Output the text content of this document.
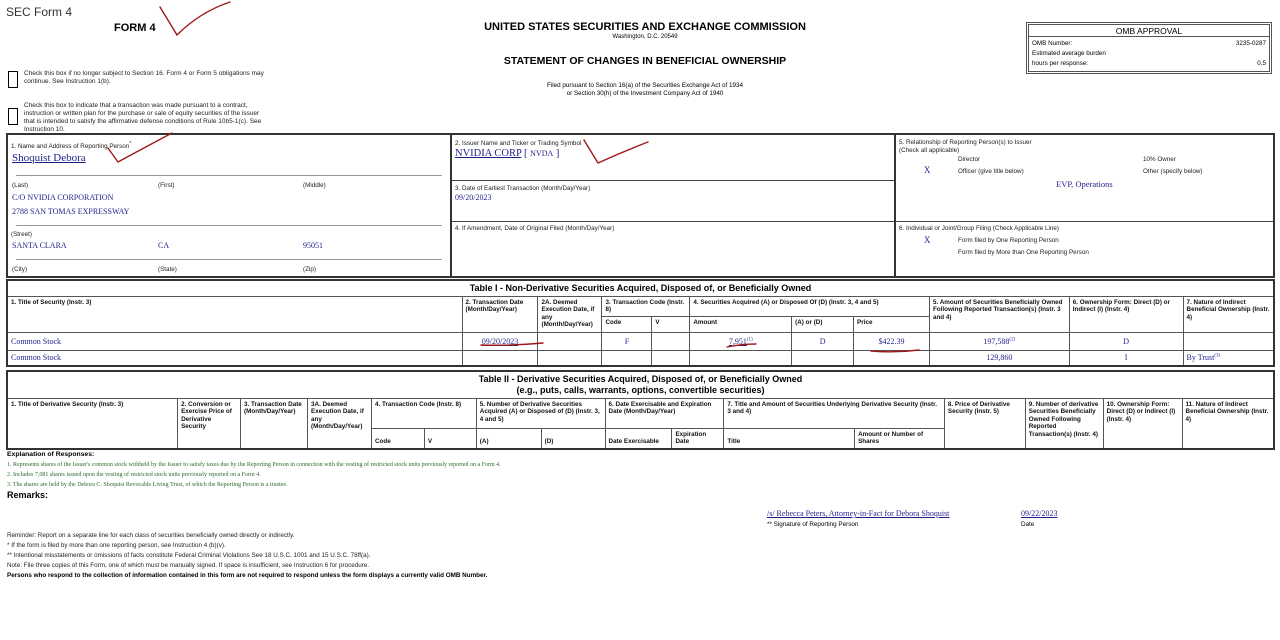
SEC Form 4
FORM 4
Check this box if no longer subject to Section 16. Form 4 or Form 5 obligations may continue. See Instruction 1(b).
Check this box to indicate that a transaction was made pursuant to a contract, instruction or written plan for the purchase or sale of equity securities of the issuer that is intended to satisfy the affirmative defense conditions of Rule 10b5-1(c). See Instruction 10.
UNITED STATES SECURITIES AND EXCHANGE COMMISSION
Washington, D.C. 20549
STATEMENT OF CHANGES IN BENEFICIAL OWNERSHIP
Filed pursuant to Section 16(a) of the Securities Exchange Act of 1934
or Section 30(h) of the Investment Company Act of 1940
OMB APPROVAL
OMB Number:	3235-0287
Estimated average burden
hours per response:	0.5
1. Name and Address of Reporting Person*
Shoquist Debora
(Last)	(First)	(Middle)
C/O NVIDIA CORPORATION
2788 SAN TOMAS EXPRESSWAY
(Street)
SANTA CLARA	CA	95051
(City)	(State)	(Zip)
2. Issuer Name and Ticker or Trading Symbol
NVIDIA CORP [ NVDA ]
3. Date of Earliest Transaction (Month/Day/Year)
09/20/2023
4. If Amendment, Date of Original Filed (Month/Day/Year)
5. Relationship of Reporting Person(s) to Issuer
(Check all applicable)
Director	10% Owner
X	Officer (give title below)	Other (specify below)
EVP, Operations
6. Individual or Joint/Group Filing (Check Applicable Line)
X	Form filed by One Reporting Person
Form filed by More than One Reporting Person
Table I - Non-Derivative Securities Acquired, Disposed of, or Beneficially Owned										
1. Title of Security (Instr. 3)	2. Transaction Date (Month/Day/Year)	2A. Deemed Execution Date, if any (Month/Day/Year)	3. Transaction Code (Instr. 8)		4. Securities Acquired (A) or Disposed Of (D) (Instr. 3, 4 and 5)			5. Amount of Securities Beneficially Owned Following Reported Transaction(s) (Instr. 3 and 4)	6. Ownership Form: Direct (D) or Indirect (I) (Instr. 4)	7. Nature of Indirect Beneficial Ownership (Instr. 4)
			Code	V	Amount	(A) or (D)	Price			
Common Stock	09/20/2023		F		7,951$^{(1)}$	D	$422.39	197,588$^{(2)}$	D	
Common Stock								129,860	I	By Trust$^{(3)}$
Table II - Derivative Securities Acquired, Disposed of, or Beneficially Owned
(e.g., puts, calls, warrants, options, convertible securities)															

1. Title of Derivative Security (Instr. 3)	2. Conversion or Exercise Price of Derivative Security	3. Transaction Date (Month/Day/Year)	3A. Deemed Execution Date, if any (Month/Day/Year)	4. Transaction Code (Instr. 8)		5. Number of Derivative Securities Acquired (A) or Disposed of (D) (Instr. 3, 4 and 5)		6. Date Exercisable and Expiration Date (Month/Day/Year)		7. Title and Amount of Securities Underlying Derivative Security (Instr. 3 and 4)		8. Price of Derivative Security (Instr. 5)	9. Number of derivative Securities Beneficially Owned Following Reported Transaction(s) (Instr. 4)	10. Ownership Form: Direct (D) or Indirect (I) (Instr. 4)	11. Nature of Indirect Beneficial Ownership (Instr. 4)
				Code	V	(A)	(D)	Date Exercisable	Expiration Date	Title	Amount or Number of Shares				
Explanation of Responses:
1. Represents shares of the Issuer's common stock withheld by the Issuer to satisfy taxes due by the Reporting Person in connection with the vesting of restricted stock units previously reported on a Form 4.
2. Includes 7,081 shares issued upon the vesting of restricted stock units previously reported on a Form 4.
3. The shares are held by the Debora C. Shoquist Revocable Living Trust, of which the Reporting Person is a trustee.
Remarks:
/s/ Rebecca Peters, Attorney-in-Fact for Debora Shoquist
** Signature of Reporting Person
09/22/2023
Date
Reminder: Report on a separate line for each class of securities beneficially owned directly or indirectly.
* If the form is filed by more than one reporting person, see Instruction 4 (b)(v).
** Intentional misstatements or omissions of facts constitute Federal Criminal Violations See 18 U.S.C. 1001 and 15 U.S.C. 78ff(a).
Note: File three copies of this Form, one of which must be manually signed. If space is insufficient, see Instruction 6 for procedure.
Persons who respond to the collection of information contained in this form are not required to respond unless the form displays a currently valid OMB Number.
